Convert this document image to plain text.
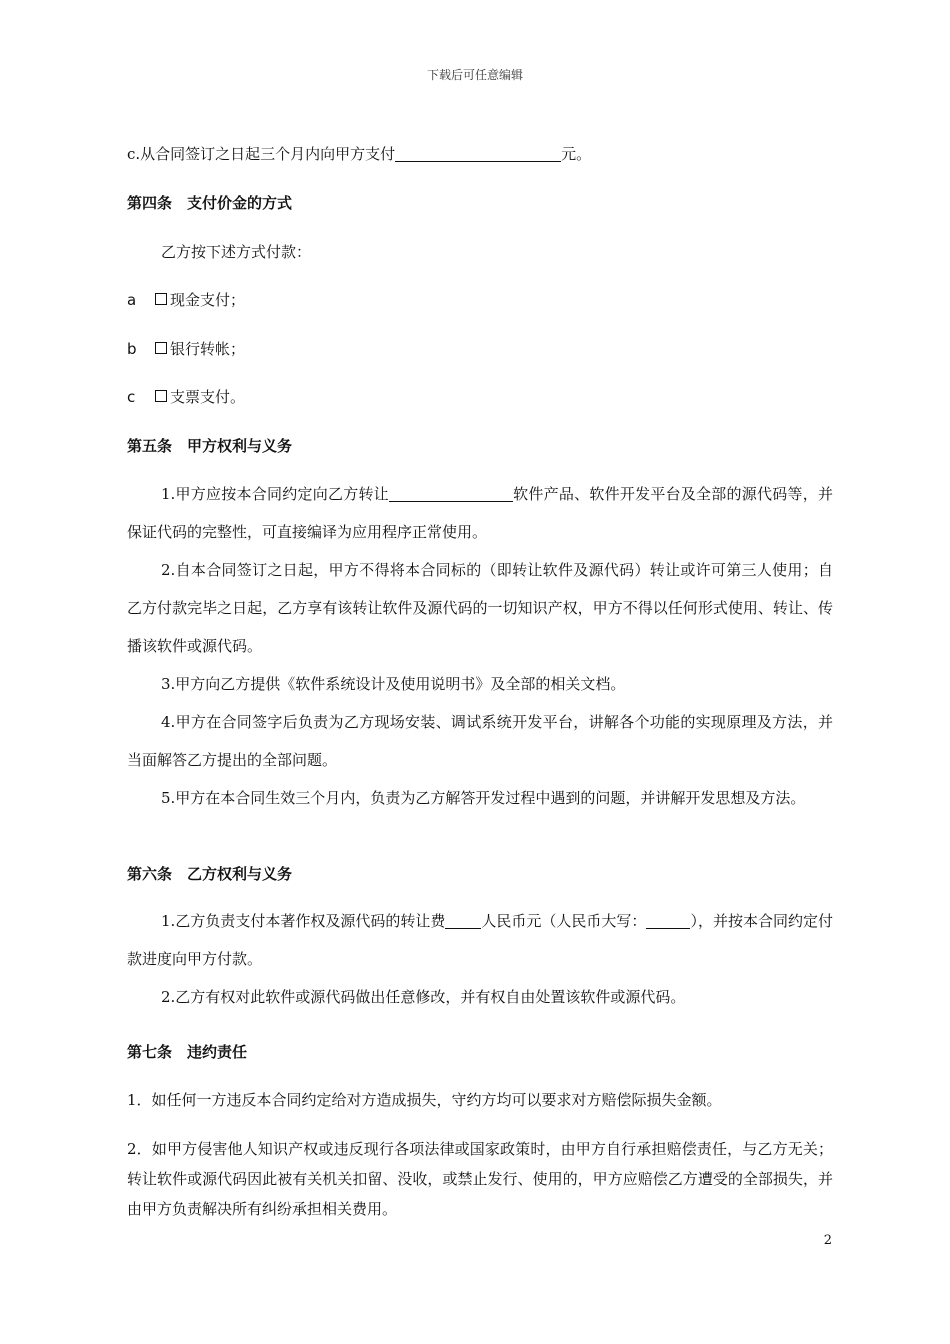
下载后可任意编辑
c.从合同签订之日起三个月内向甲方支付	元。
第四条　支付价金的方式
乙方按下述方式付款：
a 现金支付；
b 银行转帐；
c 支票支付。
第五条　甲方权利与义务

1.甲方应按本合同约定向乙方转让	软件产品、软件开发平台及全部的源代码等，并保证代码的完整性，可直接编译为应用程序正常使用。

2.自本合同签订之日起，甲方不得将本合同标的（即转让软件及源代码）转让或许可第三人使用；自乙方付款完毕之日起，乙方享有该转让软件及源代码的一切知识产权，甲方不得以任何形式使用、转让、传播该软件或源代码。

3.甲方向乙方提供《软件系统设计及使用说明书》及全部的相关文档。

4.甲方在合同签字后负责为乙方现场安装、调试系统开发平台，讲解各个功能的实现原理及方法，并当面解答乙方提出的全部问题。

5.甲方在本合同生效三个月内，负责为乙方解答开发过程中遇到的问题，并讲解开发思想及方法。

第六条　乙方权利与义务

1.乙方负责支付本著作权及源代码的转让费 人民币元（人民币大写：	），并按本合同约定付款进度向甲方付款。

2.乙方有权对此软件或源代码做出任意修改，并有权自由处置该软件或源代码。

第七条　违约责任

1．如任何一方违反本合同约定给对方造成损失，守约方均可以要求对方赔偿际损失金额。

2．如甲方侵害他人知识产权或违反现行各项法律或国家政策时，由甲方自行承担赔偿责任，与乙方无关；转让软件或源代码因此被有关机关扣留、没收，或禁止发行、使用的，甲方应赔偿乙方遭受的全部损失，并由甲方负责解决所有纠纷承担相关费用。

2
